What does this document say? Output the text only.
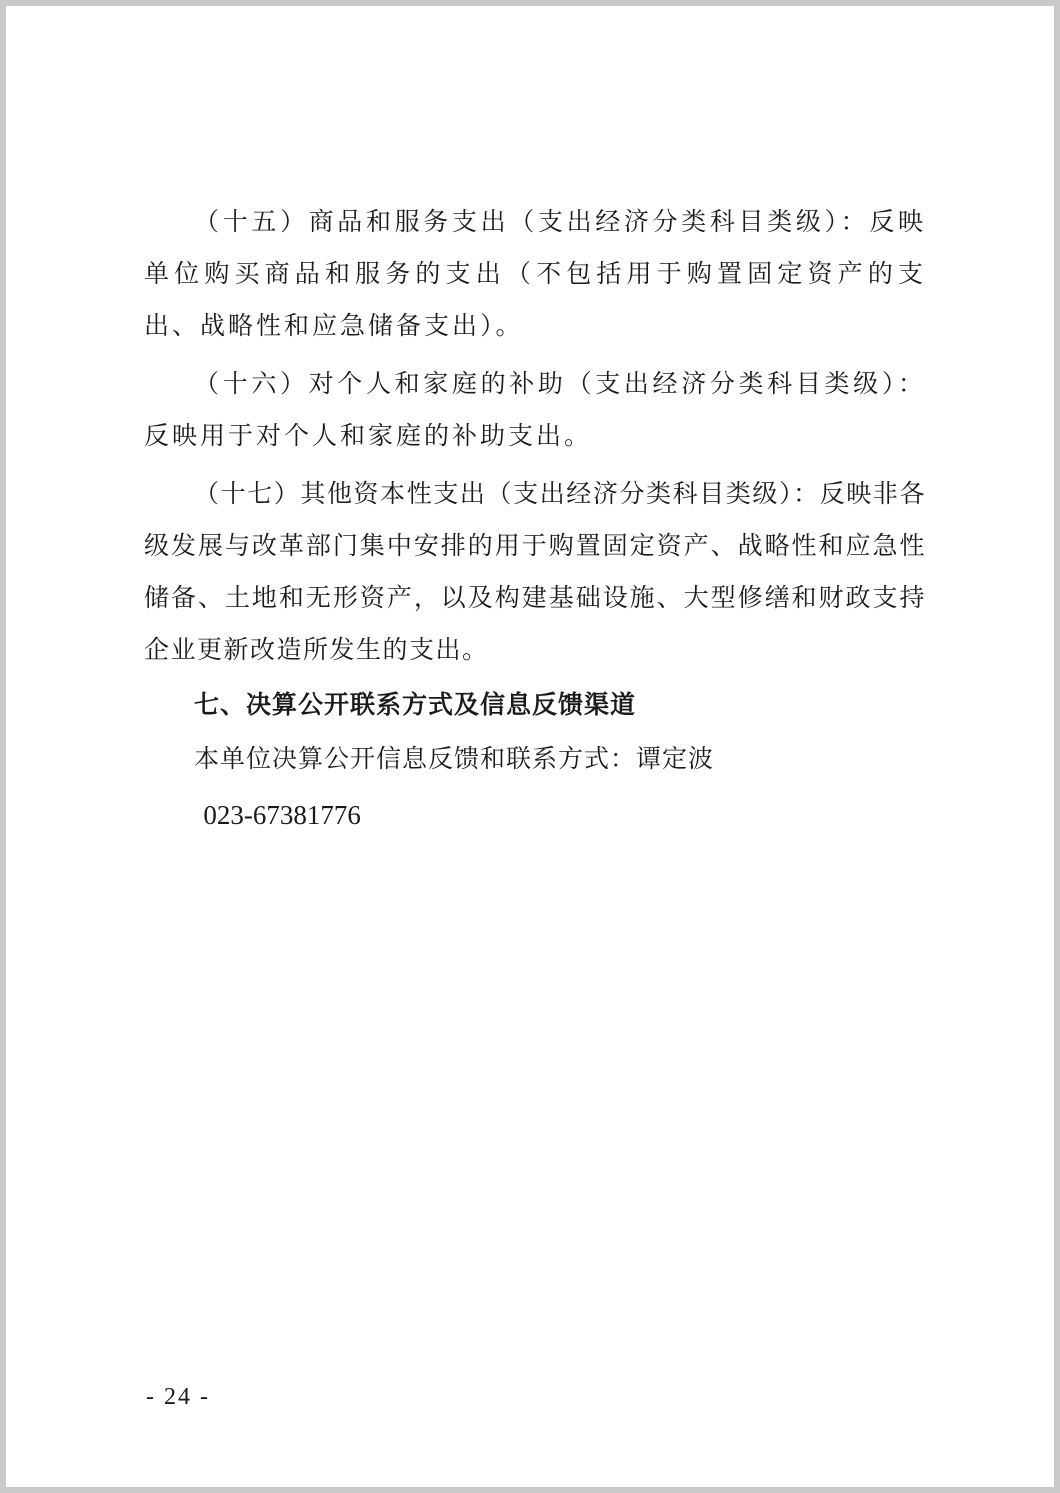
（十五）商品和服务支出（支出经济分类科目类级）：反映单位购买商品和服务的支出（不包括用于购置固定资产的支出、战略性和应急储备支出）。

（十六）对个人和家庭的补助（支出经济分类科目类级）：反映用于对个人和家庭的补助支出。

（十七）其他资本性支出（支出经济分类科目类级）：反映非各级发展与改革部门集中安排的用于购置固定资产、战略性和应急性储备、土地和无形资产，以及构建基础设施、大型修缮和财政支持企业更新改造所发生的支出。

七、决算公开联系方式及信息反馈渠道

本单位决算公开信息反馈和联系方式：谭定波

023-67381776

- 24 -
